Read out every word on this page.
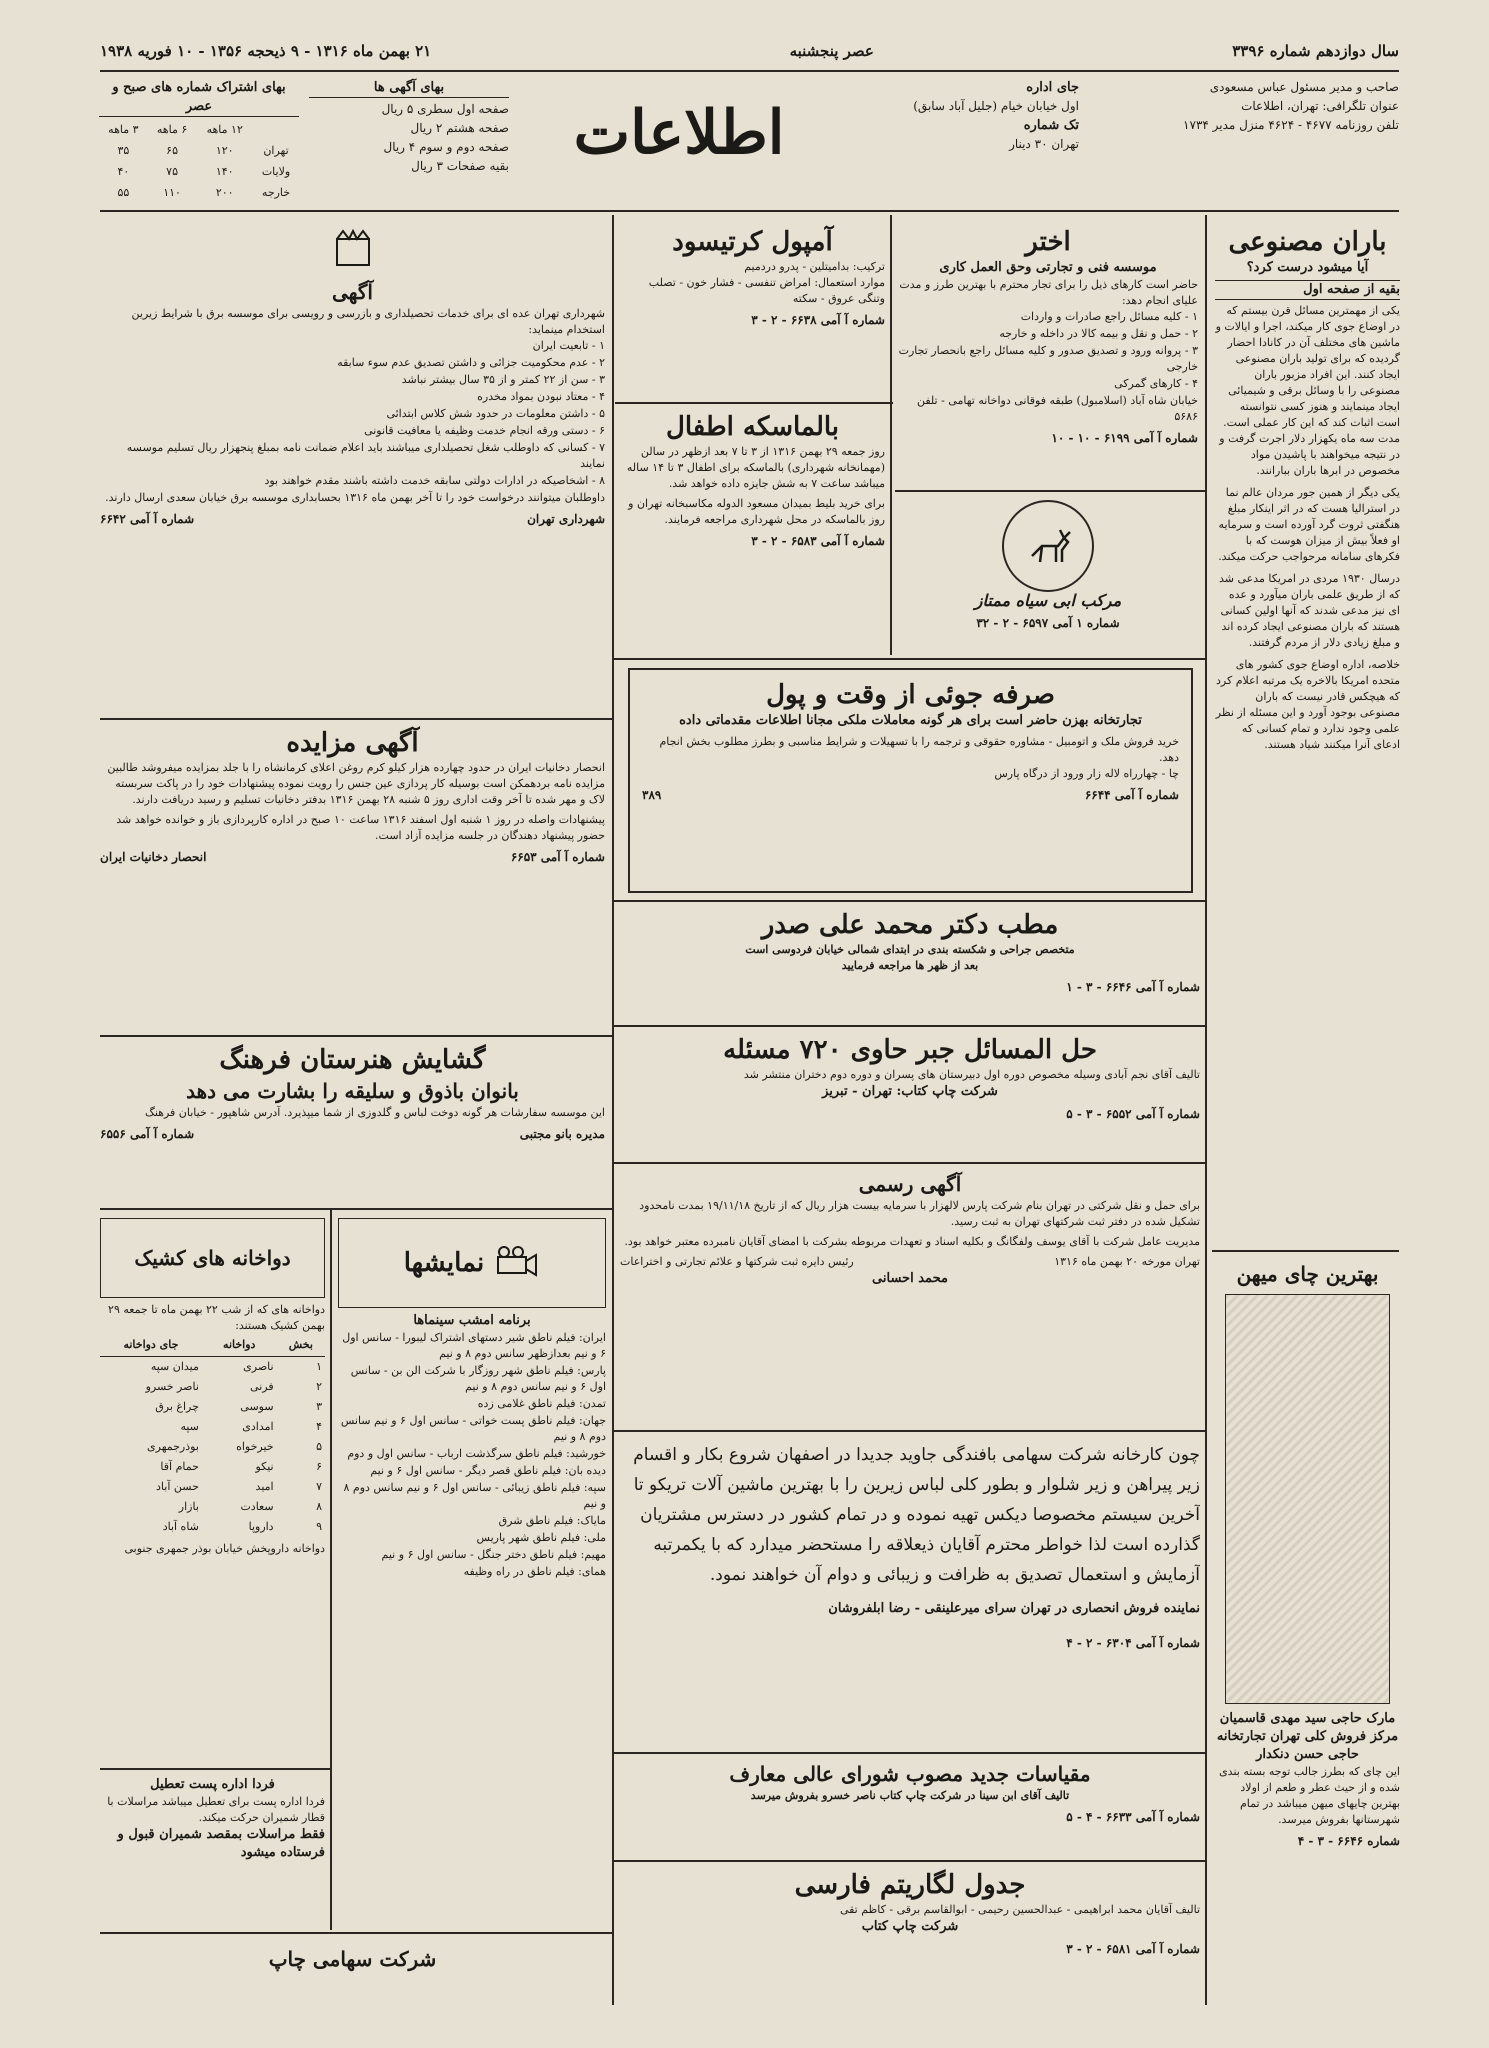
سال دوازدهم شماره ۳۳۹۶
عصر پنجشنبه
۲۱ بهمن ماه ۱۳۱۶ - ۹ ذیحجه ۱۳۵۶ - ۱۰ فوریه ۱۹۳۸
صاحب و مدیر مسئول عباس مسعودی
عنوان تلگرافی: تهران، اطلاعات
تلفن روزنامه ۴۶۷۷ - ۴۶۲۴ منزل مدیر ۱۷۳۴
جای اداره
اول خیابان خیام (جلیل آباد سابق)
تک شماره
تهران ۳۰ دینار
اطلاعات
بهای آگهی ها
صفحه اول سطری ۵ ریال
صفحه هشتم ۲ ریال
صفحه دوم و سوم ۴ ریال
بقیه صفحات ۳ ریال
بهای اشتراک شماره های صبح و عصر
	۱۲ ماهه	۶ ماهه	۳ ماهه
تهران	۱۲۰	۶۵	۳۵
ولایات	۱۴۰	۷۵	۴۰
خارجه	۲۰۰	۱۱۰	۵۵
باران مصنوعی
آیا میشود درست کرد؟
بقیه از صفحه اول

یکی از مهمترین مسائل قرن بیستم که در اوضاع جوی کار میکند، اجرا و ایالات و ماشین های مختلف آن در کانادا احضار گردیده که برای تولید باران مصنوعی ایجاد کنند. این افراد مزبور باران مصنوعی را با وسائل برقی و شیمیائی ایجاد مینمایند و هنوز کسی نتوانسته است اثبات کند که این کار عملی است. مدت سه ماه یکهزار دلار اجرت گرفت و در نتیجه میخواهند با پاشیدن مواد مخصوص در ابرها باران ببارانند.

یکی دیگر از همین جور مردان عالم نما در استرالیا هست که در اثر اینکار مبلغ هنگفتی ثروت گرد آورده است و سرمایه او فعلاً بیش از میزان هوست که با فکرهای سامانه مرحواجب حرکت میکند.

درسال ۱۹۳۰ مردی در امریکا مدعی شد که از طریق علمی باران میآورد و عده ای نیز مدعی شدند که آنها اولین کسانی هستند که باران مصنوعی ایجاد کرده اند و مبلغ زیادی دلار از مردم گرفتند.

خلاصه، اداره اوضاع جوی کشور های متحده امریکا بالاخره یک مرتبه اعلام کرد که هیچکس قادر نیست که باران مصنوعی بوجود آورد و این مسئله از نظر علمی وجود ندارد و تمام کسانی که ادعای آنرا میکنند شیاد هستند.

بهترین چای میهن
مارک حاجی سید مهدی قاسمیان
مرکز فروش کلی تهران تجارتخانه
حاجی حسن دنکدار

این چای که بطرز جالب توجه بسته بندی شده و از حیث عطر و طعم از اولاد بهترین چایهای میهن میباشد در تمام شهرستانها بفروش میرسد.

شماره ۶۶۴۶ - ۳ - ۴
اختر
موسسه فنی و تجارتی وحق العمل کاری

حاضر است کارهای ذیل را برای تجار محترم با بهترین طرز و مدت علیای انجام دهد:

۱ - کلیه مسائل راجع صادرات و واردات
۲ - حمل و نقل و بیمه کالا در داخله و خارجه
۳ - پروانه ورود و تصدیق صدور و کلیه مسائل راجع بانحصار تجارت خارجی
۴ - کارهای گمرکی

خیابان شاه آباد (اسلامبول) طبقه فوقانی دواخانه تهامی - تلفن ۵۶۸۶

شماره آ آمی ۶۱۹۹ - ۱۰ - ۱۰
مرکب ابی سیاه ممتاز
شماره ۱ آمی ۶۵۹۷ - ۲ - ۳۲
آمپول کرتیسود

ترکیب: بدامیتلین - پدرو دردمیم

موارد استعمال: امراض تنفسی - فشار خون - تصلب وتنگی عروق - سکته

شماره آ آمی ۶۶۳۸ - ۲ - ۳
بالماسکه اطفال

روز جمعه ۲۹ بهمن ۱۳۱۶ از ۳ تا ۷ بعد ازظهر در سالن (مهمانخانه شهرداری) بالماسکه برای اطفال ۳ تا ۱۴ ساله میباشد ساعت ۷ به شش جایزه داده خواهد شد.

برای خرید بلیط بمیدان مسعود الدوله مکاسبخانه تهران و روز بالماسکه در محل شهرداری مراجعه فرمایند.

شماره آ آمی ۶۵۸۳ - ۲ - ۳
صرفه جوئی از وقت و پول
تجارتخانه بهزن حاضر است برای هر گونه معاملات ملکی مجانا اطلاعات مقدماتی داده

خرید فروش ملک و اتومبیل - مشاوره حقوقی و ترجمه را با تسهیلات و شرایط مناسبی و بطرز مطلوب بخش انجام دهد.

چا - چهارراه لاله زار ورود از درگاه پارس

شماره آ آمی ۶۶۴۴
۳۸۹
مطب دکتر محمد علی صدر
متخصص جراحی و شکسته بندی در ابتدای شمالی خیابان فردوسی است
بعد از ظهر ها مراجعه فرمایید
شماره آ آمی ۶۶۴۶ - ۳ - ۱
حل المسائل جبر حاوی ۷۲۰ مسئله

تالیف آقای نجم آبادی وسیله مخصوص دوره اول دبیرستان های پسران و دوره دوم دختران منتشر شد

شرکت چاپ کتاب: تهران - تبریز
شماره آ آمی ۶۵۵۲ - ۳ - ۵
آگهی رسمی

برای حمل و نقل شرکتی در تهران بنام شرکت پارس لالهزار با سرمایه بیست هزار ریال که از تاریخ ۱۹/۱۱/۱۸ بمدت نامحدود تشکیل شده در دفتر ثبت شرکتهای تهران به ثبت رسید.

مدیریت عامل شرکت با آقای یوسف ولفگانگ و بکلیه اسناد و تعهدات مربوطه بشرکت با امضای آقایان نامبرده معتبر خواهد بود.

تهران مورخه ۲۰ بهمن ماه ۱۳۱۶
رئیس دایره ثبت شرکتها و علائم تجارتی و اختراعات
محمد احسانی

چون کارخانه شرکت سهامی بافندگی جاوید جدیدا در اصفهان شروع بکار و اقسام زیر پیراهن و زیر شلوار و بطور کلی لباس زیرین را با بهترین ماشین آلات تریکو تا آخرین سیستم مخصوصا دیکس تهیه نموده و در تمام کشور در دسترس مشتریان گذارده است لذا خواطر محترم آقایان ذیعلاقه را مستحضر میدارد که با یکمرتبه آزمایش و استعمال تصدیق به ظرافت و زیبائی و دوام آن خواهند نمود.

نماینده فروش انحصاری در تهران سرای میرعلینقی - رضا ابلفروشان

شماره آ آمی ۶۳۰۴ - ۲ - ۴
مقیاسات جدید مصوب شورای عالی معارف
تالیف آقای ابن سینا در شرکت چاپ کتاب ناصر خسرو بفروش میرسد
شماره آ آمی ۶۶۳۳ - ۴ - ۵
جدول لگاریتم فارسی

تالیف آقایان محمد ابراهیمی - عبدالحسین رحیمی - ابوالقاسم برقی - کاظم تقی

شرکت چاپ کتاب
شماره آ آمی ۶۵۸۱ - ۲ - ۳
آگهی

شهرداری تهران عده ای برای خدمات تحصیلداری و بازرسی و رویسی برای موسسه برق با شرایط زیرین استخدام مینماید:

۱ - تابعیت ایران
۲ - عدم محکومیت جزائی و داشتن تصدیق عدم سوء سابقه
۳ - سن از ۲۲ کمتر و از ۳۵ سال بیشتر نباشد
۴ - معتاد نبودن بمواد مخدره
۵ - داشتن معلومات در حدود شش کلاس ابتدائی
۶ - دستی ورقه انجام خدمت وظیفه یا معافیت قانونی
۷ - کسانی که داوطلب شغل تحصیلداری میباشند باید اعلام ضمانت نامه بمبلغ پنجهزار ریال تسلیم موسسه نمایند
۸ - اشخاصیکه در ادارات دولتی سابقه خدمت داشته باشند مقدم خواهند بود

داوطلبان میتوانند درخواست خود را تا آخر بهمن ماه ۱۳۱۶ بحسابداری موسسه برق خیابان سعدی ارسال دارند.

شهرداری تهران
شماره آ آمی ۶۶۴۲
آگهی مزایده

انحصار دخانیات ایران در حدود چهارده هزار کیلو کرم روغن اعلای کرمانشاه را با جلد بمزایده میفروشد طالبین مزایده نامه بردهمکن است بوسیله کار پردازی عین جنس را رویت نموده پیشنهادات خود را در پاکت سربسته لاک و مهر شده تا آخر وقت اداری روز ۵ شنبه ۲۸ بهمن ۱۳۱۶ بدفتر دخانیات تسلیم و رسید دریافت دارند.

پیشنهادات واصله در روز ۱ شنبه اول اسفند ۱۳۱۶ ساعت ۱۰ صبح در اداره کارپردازی باز و خوانده خواهد شد حضور پیشنهاد دهندگان در جلسه مزایده آزاد است.

شماره آ آمی ۶۶۵۳
انحصار دخانیات ایران
گشایش هنرستان فرهنگ
بانوان باذوق و سلیقه را بشارت می دهد

این موسسه سفارشات هر گونه دوخت لباس و گلدوزی از شما میپذیرد. آدرس شاهپور - خیابان فرهنگ

مدیره بانو مجتبی
شماره آ آمی ۶۵۵۶
نمایشها
برنامه امشب سینماها
ایران: فیلم ناطق شیر دستهای اشتراک لیبورا - سانس اول ۶ و نیم بعدازظهر سانس دوم ۸ و نیم
پارس: فیلم ناطق شهر روزگار با شرکت الن بن - سانس اول ۶ و نیم سانس دوم ۸ و نیم
تمدن: فیلم ناطق غلامی زده
جهان: فیلم ناطق پست خواتی - سانس اول ۶ و نیم سانس دوم ۸ و نیم
خورشید: فیلم ناطق سرگذشت ارباب - سانس اول و دوم
دیده بان: فیلم ناطق قصر دیگر - سانس اول ۶ و نیم
سپه: فیلم ناطق زیبائی - سانس اول ۶ و نیم سانس دوم ۸ و نیم
مایاک: فیلم ناطق شرق
ملی: فیلم ناطق شهر پاریس
مهیم: فیلم ناطق دختر جنگل - سانس اول ۶ و نیم
همای: فیلم ناطق در راه وظیفه
دواخانه های کشیک

دواخانه های که از شب ۲۲ بهمن ماه تا جمعه ۲۹ بهمن کشیک هستند:

بخش	دواخانه	جای دواخانه
۱	ناصری	میدان سپه
۲	فرنی	ناصر خسرو
۳	سوسی	چراغ برق
۴	امدادی	سپه
۵	خیرخواه	بوذرجمهری
۶	نیکو	حمام آقا
۷	امید	حسن آباد
۸	سعادت	بازار
۹	داروپا	شاه آباد

دواخانه داروپخش خیابان بوذر جمهری جنوبی

فردا اداره پست تعطیل

فردا اداره پست برای تعطیل میباشد مراسلات با قطار شمیران حرکت میکند.

فقط مراسلات بمقصد شمیران قبول و فرستاده میشود

شرکت سهامی چاپ
